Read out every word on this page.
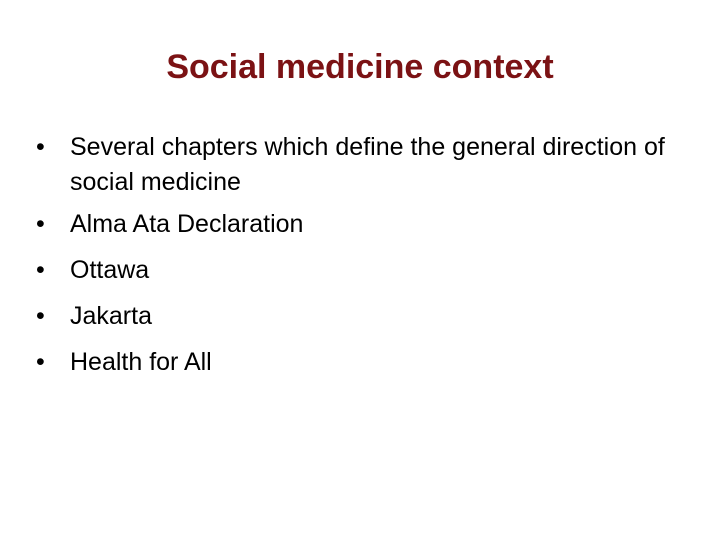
Social medicine context
•	Several chapters which define the general direction of social medicine
•	Alma Ata Declaration
•	Ottawa
•	Jakarta
•	Health for All
